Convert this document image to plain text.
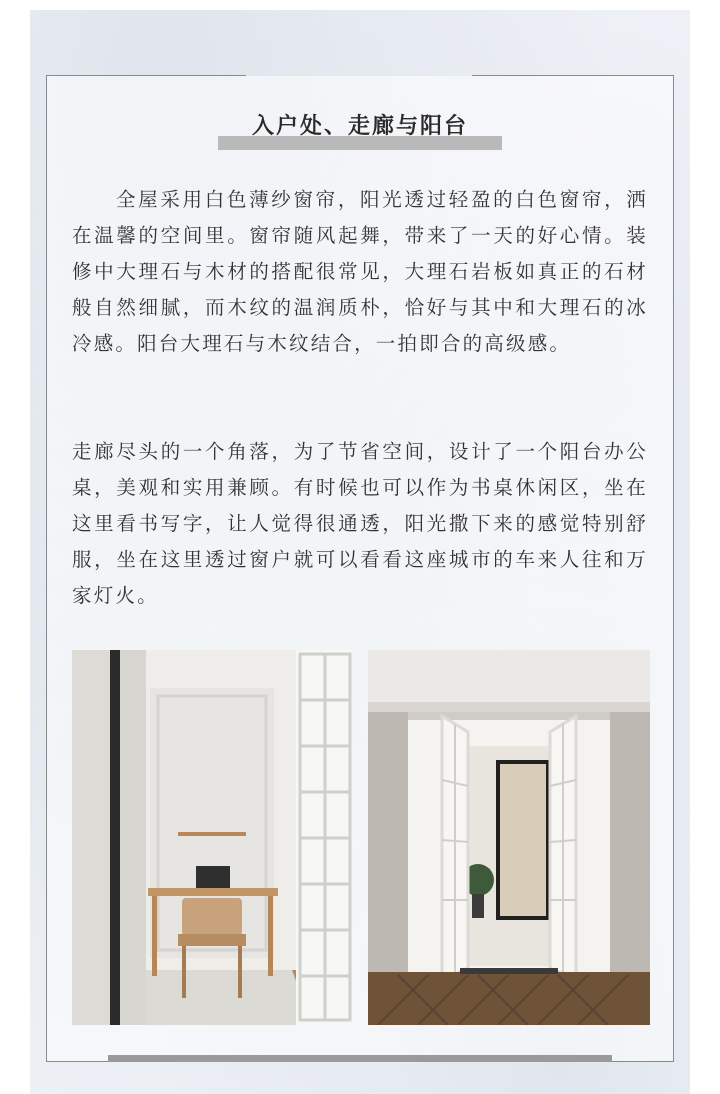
入户处、走廊与阳台

全屋采用白色薄纱窗帘，阳光透过轻盈的白色窗帘，洒在温馨的空间里。窗帘随风起舞，带来了一天的好心情。装修中大理石与木材的搭配很常见，大理石岩板如真正的石材般自然细腻，而木纹的温润质朴，恰好与其中和大理石的冰冷感。阳台大理石与木纹结合，一拍即合的高级感。

走廊尽头的一个角落，为了节省空间，设计了一个阳台办公桌，美观和实用兼顾。有时候也可以作为书桌休闲区，坐在这里看书写字，让人觉得很通透，阳光撒下来的感觉特别舒服，坐在这里透过窗户就可以看看这座城市的车来人往和万家灯火。
